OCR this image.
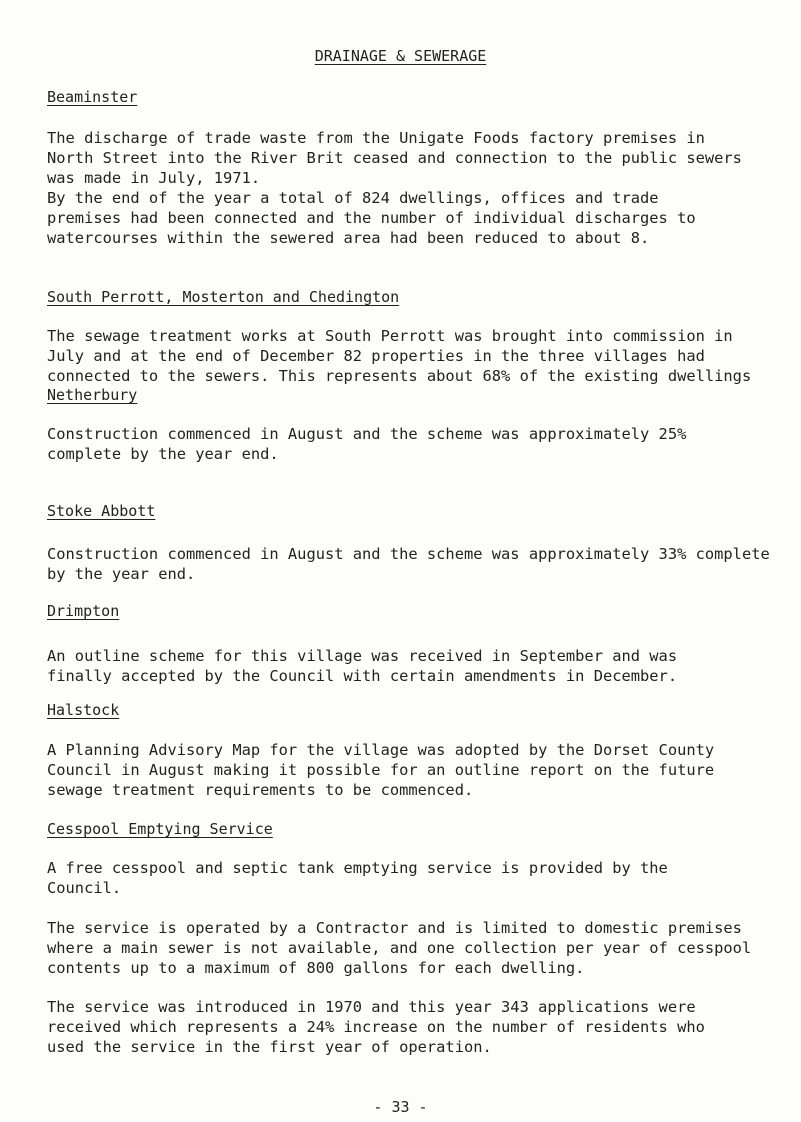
DRAINAGE & SEWERAGE
Beaminster
The discharge of trade waste from the Unigate Foods factory premises in
North Street into the River Brit ceased and connection to the public sewers
was made in July, 1971.
By the end of the year a total of 824 dwellings, offices and trade
premises had been connected and the number of individual discharges to
watercourses within the sewered area had been reduced to about 8.
South Perrott, Mosterton and Chedington
The sewage treatment works at South Perrott was brought into commission in
July and at the end of December 82 properties in the three villages had
connected to the sewers. This represents about 68% of the existing dwellings
Netherbury
Construction commenced in August and the scheme was approximately 25%
complete by the year end.
Stoke Abbott
Construction commenced in August and the scheme was approximately 33% complete
by the year end.
Drimpton
An outline scheme for this village was received in September and was
finally accepted by the Council with certain amendments in December.
Halstock
A Planning Advisory Map for the village was adopted by the Dorset County
Council in August making it possible for an outline report on the future
sewage treatment requirements to be commenced.
Cesspool Emptying Service
A free cesspool and septic tank emptying service is provided by the
Council.
The service is operated by a Contractor and is limited to domestic premises
where a main sewer is not available, and one collection per year of cesspool
contents up to a maximum of 800 gallons for each dwelling.
The service was introduced in 1970 and this year 343 applications were
received which represents a 24% increase on the number of residents who
used the service in the first year of operation.
- 33 -
